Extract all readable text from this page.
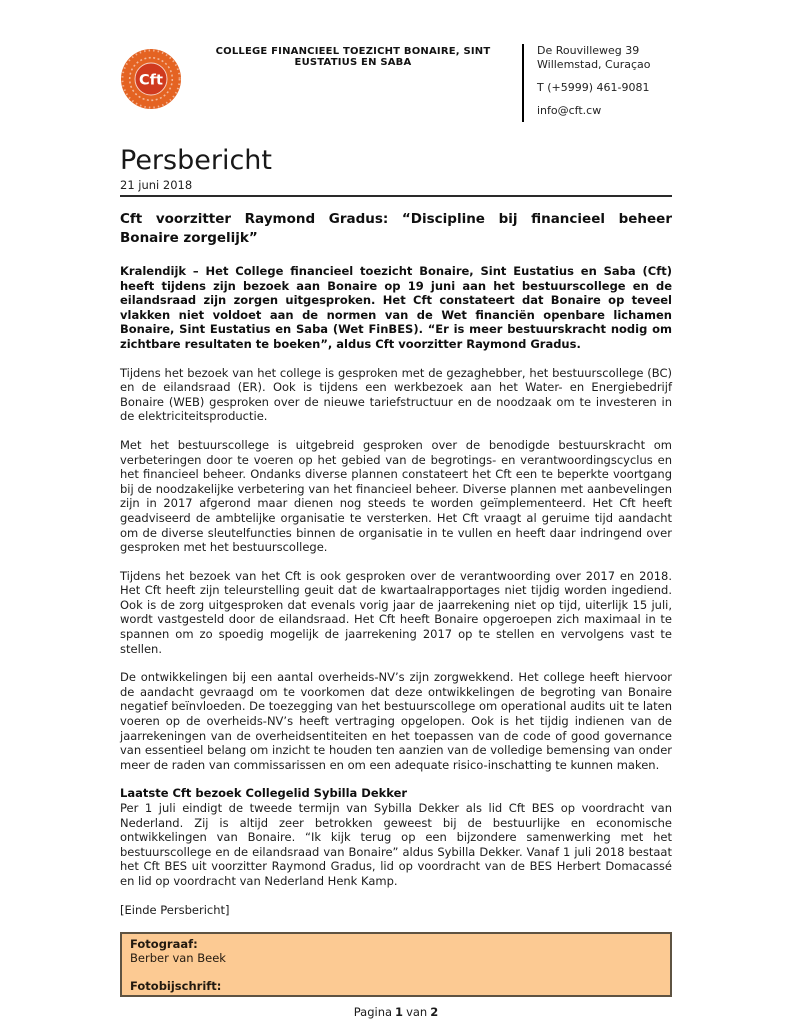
Cft
COLLEGE FINANCIEEL TOEZICHT BONAIRE, SINT EUSTATIUS EN SABA
De Rouvilleweg 39
Willemstad, Curaçao
T (+5999) 461-9081
info@cft.cw
Persbericht
21 juni 2018
Cft voorzitter Raymond Gradus: “Discipline bij financieel beheer Bonaire zorgelijk”

Kralendijk – Het College financieel toezicht Bonaire, Sint Eustatius en Saba (Cft) heeft tijdens zijn bezoek aan Bonaire op 19 juni aan het bestuurscollege en de eilandsraad zijn zorgen uitgesproken. Het Cft constateert dat Bonaire op teveel vlakken niet voldoet aan de normen van de Wet financiën openbare lichamen Bonaire, Sint Eustatius en Saba (Wet FinBES). “Er is meer bestuurskracht nodig om zichtbare resultaten te boeken”, aldus Cft voorzitter Raymond Gradus.

Tijdens het bezoek van het college is gesproken met de gezaghebber, het bestuurscollege (BC) en de eilandsraad (ER). Ook is tijdens een werkbezoek aan het Water- en Energiebedrijf Bonaire (WEB) gesproken over de nieuwe tariefstructuur en de noodzaak om te investeren in de elektriciteitsproductie.

Met het bestuurscollege is uitgebreid gesproken over de benodigde bestuurskracht om verbeteringen door te voeren op het gebied van de begrotings- en verantwoordingscyclus en het financieel beheer. Ondanks diverse plannen constateert het Cft een te beperkte voortgang bij de noodzakelijke verbetering van het financieel beheer. Diverse plannen met aanbevelingen zijn in 2017 afgerond maar dienen nog steeds te worden geïmplementeerd. Het Cft heeft geadviseerd de ambtelijke organisatie te versterken. Het Cft vraagt al geruime tijd aandacht om de diverse sleutelfuncties binnen de organisatie in te vullen en heeft daar indringend over gesproken met het bestuurscollege.

Tijdens het bezoek van het Cft is ook gesproken over de verantwoording over 2017 en 2018. Het Cft heeft zijn teleurstelling geuit dat de kwartaalrapportages niet tijdig worden ingediend. Ook is de zorg uitgesproken dat evenals vorig jaar de jaarrekening niet op tijd, uiterlijk 15 juli, wordt vastgesteld door de eilandsraad. Het Cft heeft Bonaire opgeroepen zich maximaal in te spannen om zo spoedig mogelijk de jaarrekening 2017 op te stellen en vervolgens vast te stellen.

De ontwikkelingen bij een aantal overheids-NV’s zijn zorgwekkend. Het college heeft hiervoor de aandacht gevraagd om te voorkomen dat deze ontwikkelingen de begroting van Bonaire negatief beïnvloeden. De toezegging van het bestuurscollege om operational audits uit te laten voeren op de overheids-NV’s heeft vertraging opgelopen. Ook is het tijdig indienen van de jaarrekeningen van de overheidsentiteiten en het toepassen van de code of good governance van essentieel belang om inzicht te houden ten aanzien van de volledige bemensing van onder meer de raden van commissarissen en om een adequate risico-inschatting te kunnen maken.

Laatste Cft bezoek Collegelid Sybilla Dekker

Per 1 juli eindigt de tweede termijn van Sybilla Dekker als lid Cft BES op voordracht van Nederland. Zij is altijd zeer betrokken geweest bij de bestuurlijke en economische ontwikkelingen van Bonaire. “Ik kijk terug op een bijzondere samenwerking met het bestuurscollege en de eilandsraad van Bonaire” aldus Sybilla Dekker. Vanaf 1 juli 2018 bestaat het Cft BES uit voorzitter Raymond Gradus, lid op voordracht van de BES Herbert Domacassé en lid op voordracht van Nederland Henk Kamp.

[Einde Persbericht]

Fotograaf:
Berber van Beek
Fotobijschrift:
Pagina 1 van 2
